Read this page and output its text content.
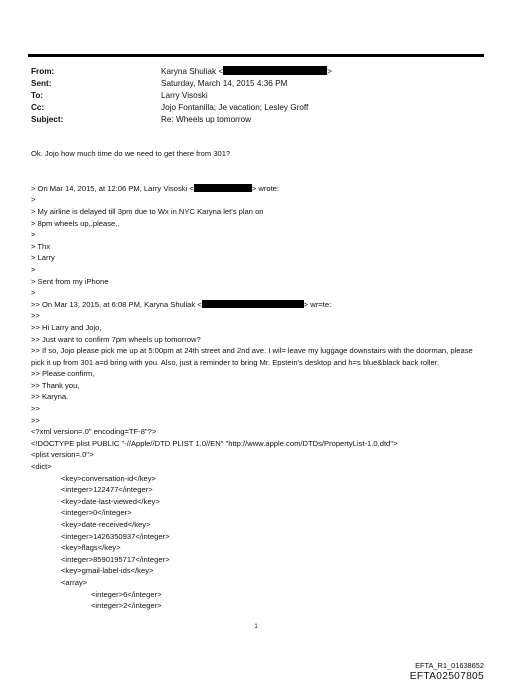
From:	Karyna Shuliak <	>
Sent:	Saturday, March 14, 2015 4:36 PM
To:	Larry Visoski
Cc:	Jojo Fontanilla; Je vacation; Lesley Groff
Subject:	Re: Wheels up tomorrow
Ok. Jojo how much time do we need to get there from 301?
> On Mar 14, 2015, at 12:06 PM, Larry Visoski <	> wrote:
>
> My airline is delayed till 3pm due to Wx in NYC Karyna let's plan on
> 8pm wheels up,.please,.
>
> Thx
> Larry
>
> Sent from my iPhone
>
>> On Mar 13, 2015, at 6:08 PM, Karyna Shuliak <	> wr=te:
>>
>> Hi Larry and Jojo,
>> Just want to confirm 7pm wheels up tomorrow?
>> If so, Jojo please pick me up at 5:00pm at 24th street and 2nd ave. I wil= leave my luggage downstairs with the doorman, please pick it up from 301 a=d bring with you. Also, just a reminder to bring Mr. Epstein's desktop and h=s blue&black back roller.
>> Please confirm,
>> Thank you,
>> Karyna.
>>
>>
<?xml version=.0" encoding=TF-8"?>
<!DOCTYPE plist PUBLIC "-//Apple//DTD PLIST 1.0//EN" "http://www.apple.com/DTDs/PropertyList-1.0.dtd">
<plist version=.0">
<dict>
<key>conversation-id</key>
<integer>122477</integer>
<key>date-last-viewed</key>
<integer>0</integer>
<key>date-received</key>
<integer>1426350937</integer>
<key>flags</key>
<integer>8590195717</integer>
<key>gmail-label-ids</key>
<array>
<integer>6</integer>
<integer>2</integer>
1
EFTA_R1_01638652
EFTA02507805
